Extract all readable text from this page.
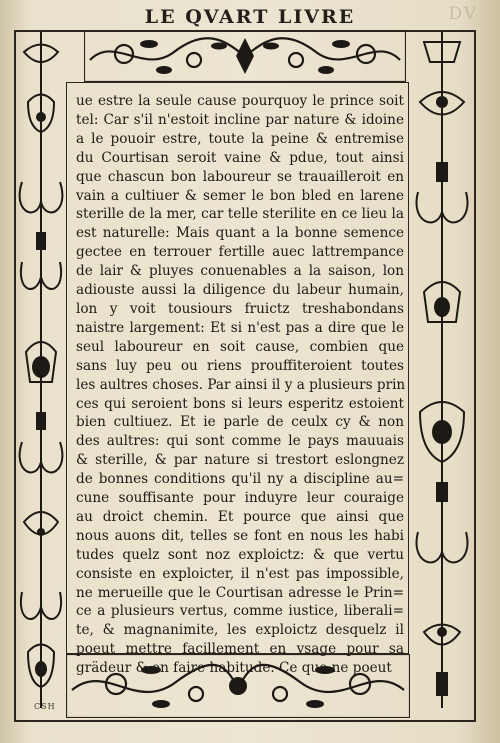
DV
LE QVART LIVRE
ue estre la seule cause pourquoy le prince soit
tel: Car s'il n'estoit incline par nature & idoine
a le pouoir estre, toute la peine & entremise
du Courtisan seroit vaine & pdue, tout ainsi
que chascun bon laboureur se trauailleroit en
vain a cultiuer & semer le bon bled en larene
sterille de la mer, car telle sterilite en ce lieu la
est naturelle: Mais quant a la bonne semence
gectee en terrouer fertille auec lattrempance
de lair & pluyes conuenables a la saison, lon
adiouste aussi la diligence du labeur humain,
lon y voit tousiours fruictz treshabondans
naistre largement: Et si n'est pas a dire que le
seul laboureur en soit cause, combien que
sans luy peu ou riens prouffiteroient toutes
les aultres choses. Par ainsi il y a plusieurs prin
ces qui seroient bons si leurs esperitz estoient
bien cultiuez. Et ie parle de ceulx cy & non
des aultres: qui sont comme le pays mauuais
& sterille, & par nature si trestort eslongnez
de bonnes conditions qu'il ny a discipline au=
cune souffisante pour induyre leur couraige
au droict chemin. Et pource que ainsi que
nous auons dit, telles se font en nous les habi
tudes quelz sont noz exploictz: & que vertu
consiste en exploicter, il n'est pas impossible,
ne merueille que le Courtisan adresse le Prin=
ce a plusieurs vertus, comme iustice, liberali=
te, & magnanimite, les exploictz desquelz il
poeut mettre facillement en vsage pour sa
grädeur & en faire habitude. Ce que ne poeut
CSH
